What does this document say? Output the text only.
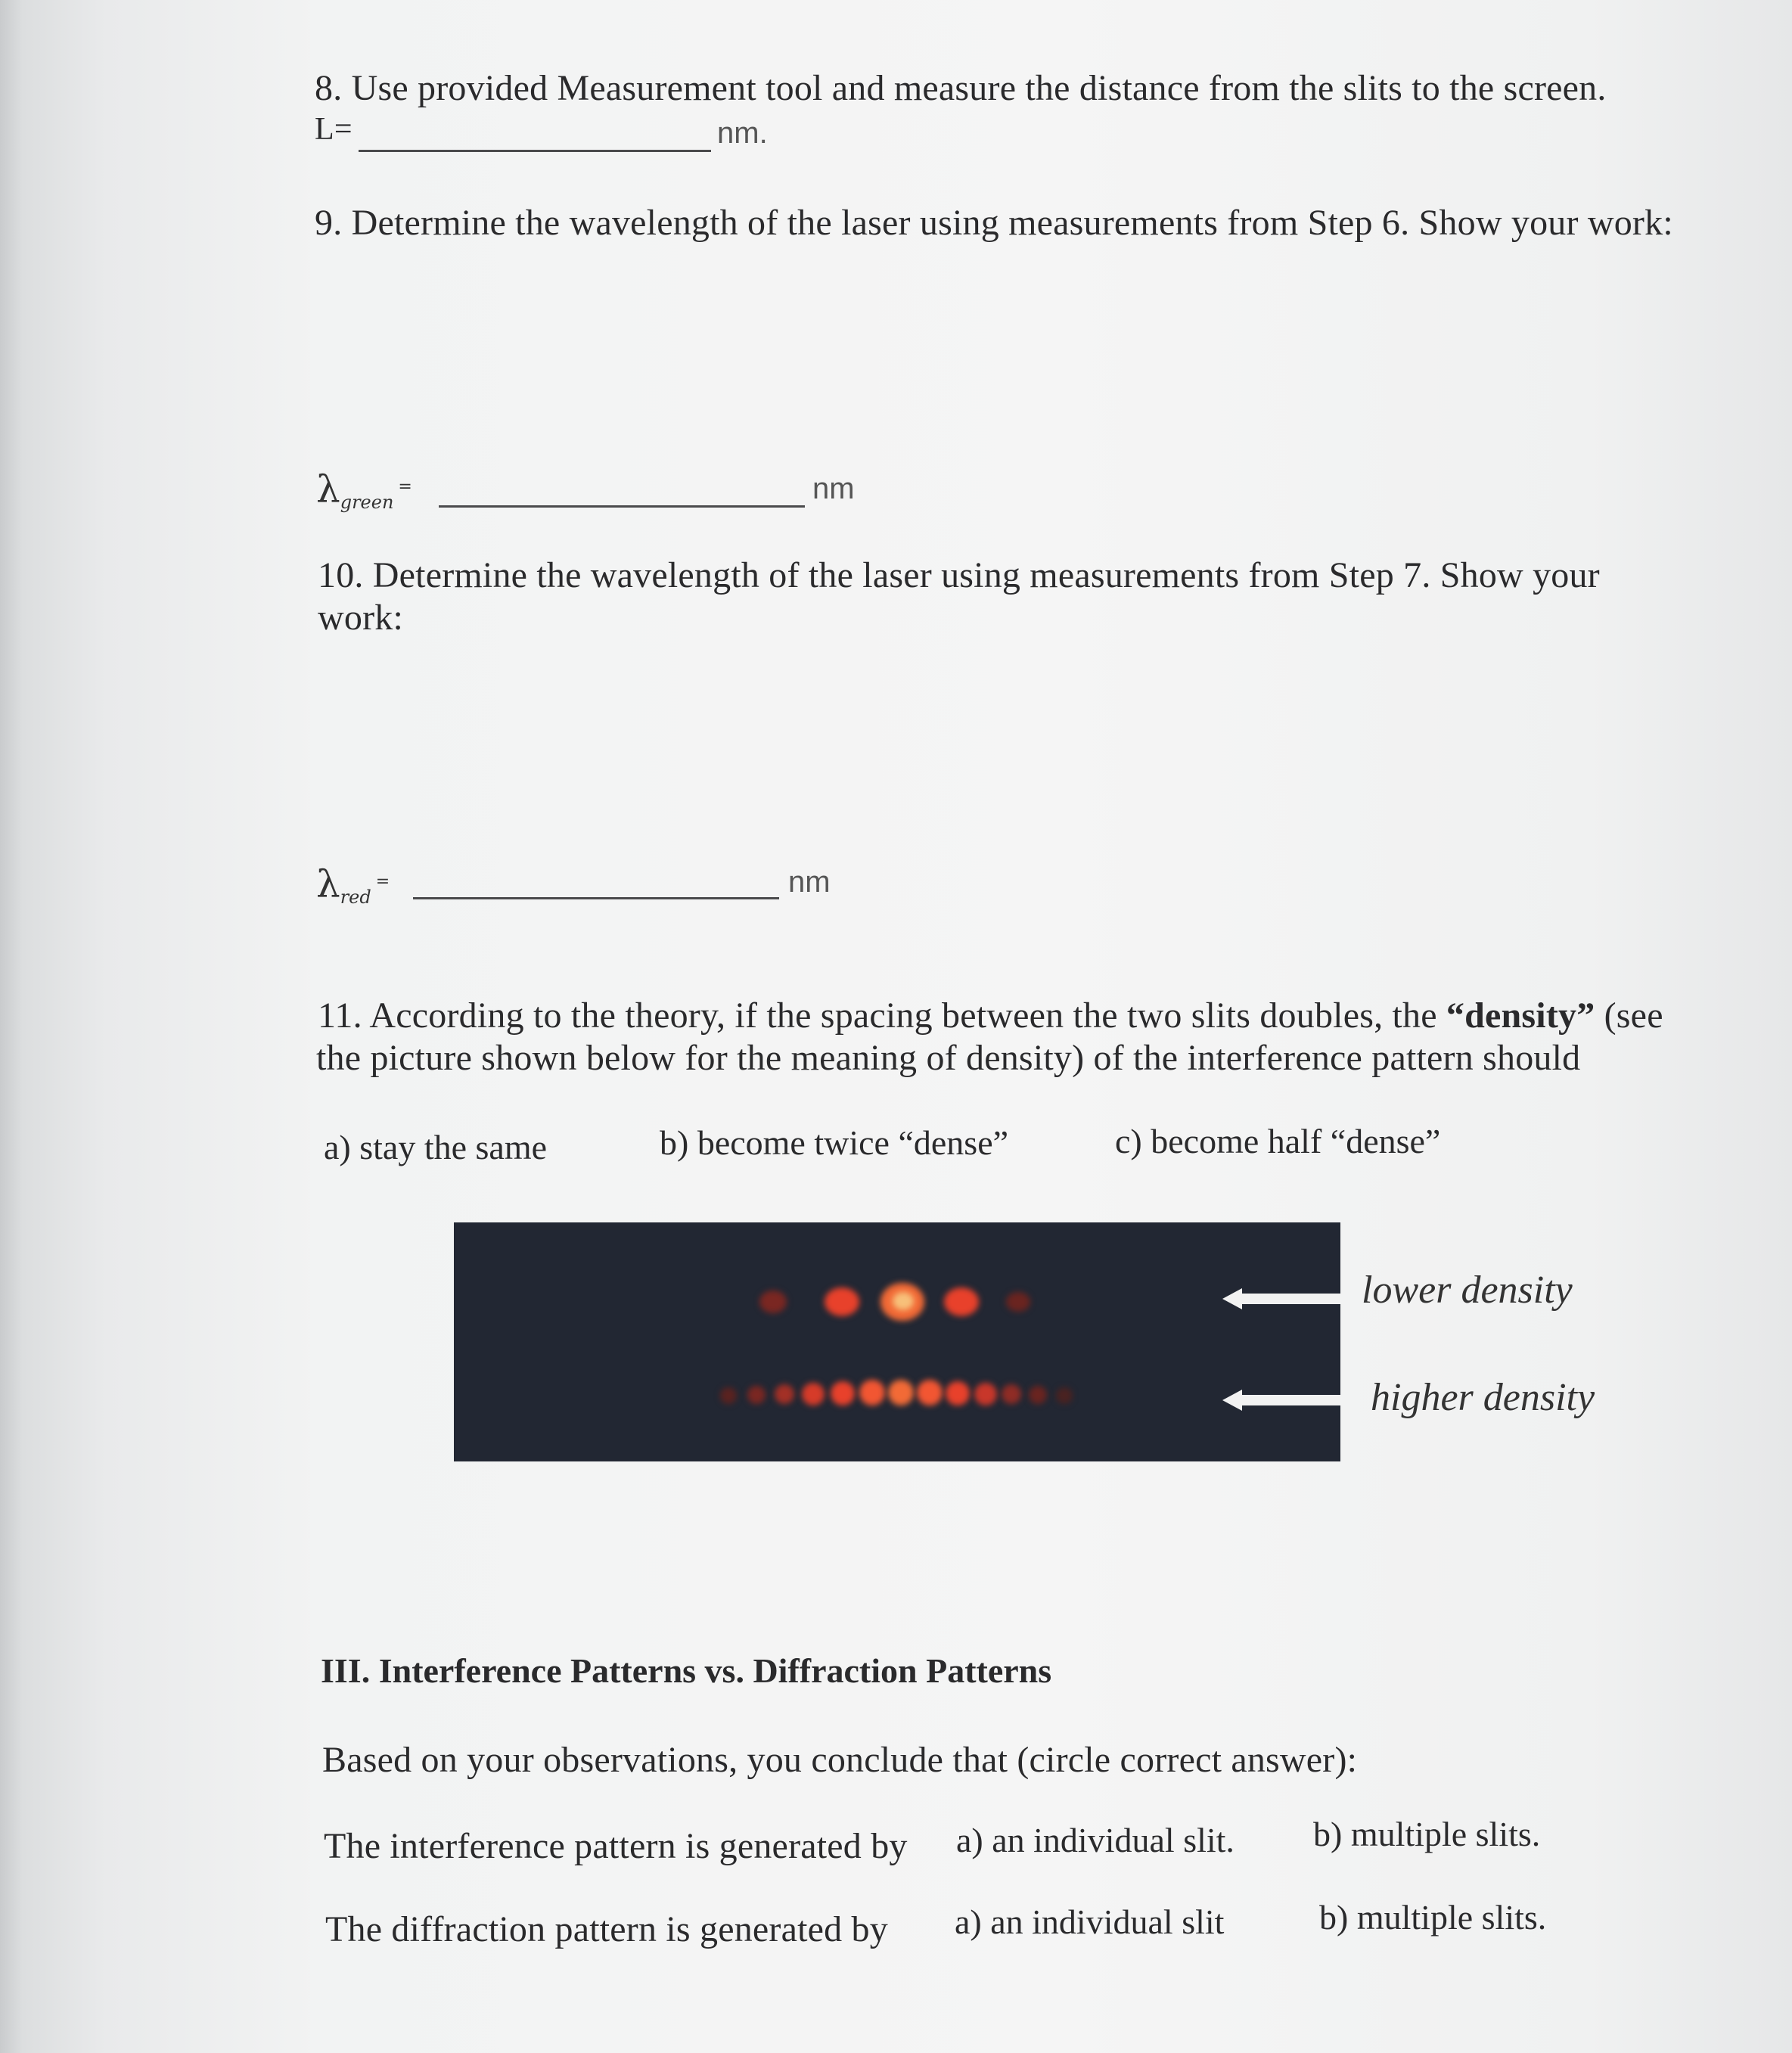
8. Use provided Measurement tool and measure the distance from the slits to the screen.
L=	nm.
9. Determine the wavelength of the laser using measurements from Step 6. Show your work:
$\lambda_{green}^=$	nm
10. Determine the wavelength of the laser using measurements from Step 7. Show your
work:
$\lambda_{red}^=$	nm
11. According to the theory, if the spacing between the two slits doubles, the “density” (see
the picture shown below for the meaning of density) of the interference pattern should
a) stay the same	b) become twice “dense”	c) become half “dense”
lower density
higher density
III. Interference Patterns vs. Diffraction Patterns
Based on your observations, you conclude that (circle correct answer):
The interference pattern is generated by a) an individual slit. b) multiple slits.
The diffraction pattern is generated by a) an individual slit	b) multiple slits.
